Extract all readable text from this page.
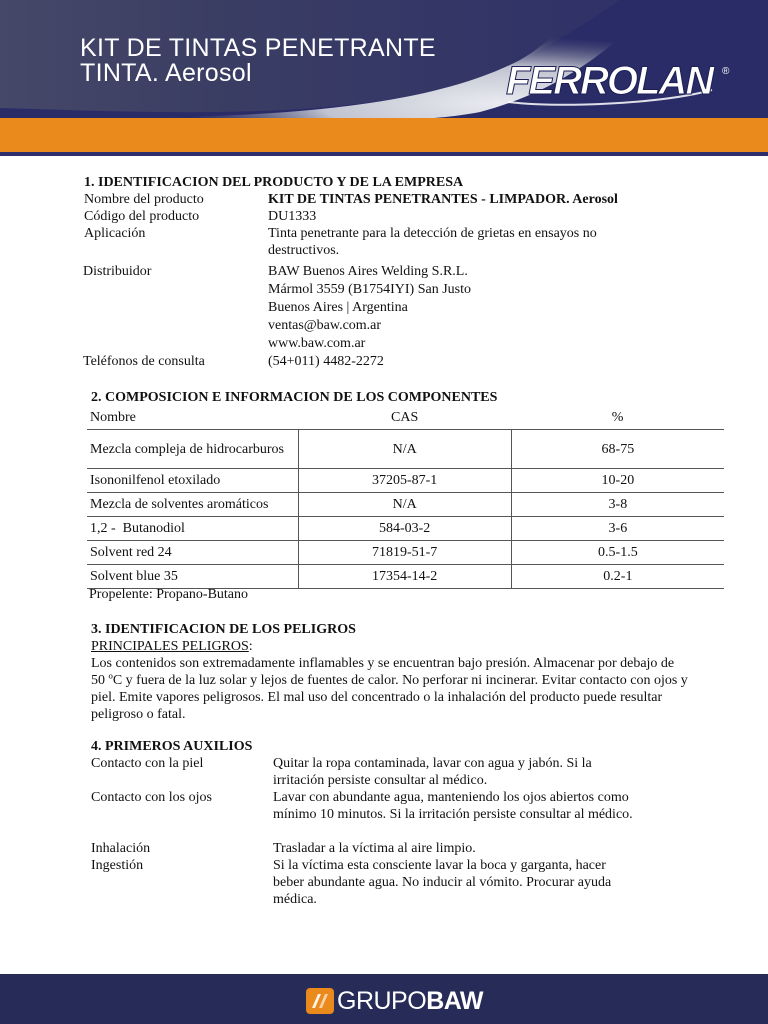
KIT DE TINTAS PENETRANTE
TINTA. Aerosol	FERROLAN ®
1. IDENTIFICACION DEL PRODUCTO Y DE LA EMPRESA
Nombre del producto	KIT DE TINTAS PENETRANTES - LIMPADOR. Aerosol
Código del producto	DU1333
Aplicación	Tinta penetrante para la detección de grietas en ensayos no destructivos.
Distribuidor	BAW Buenos Aires Welding S.R.L.
Mármol 3559 (B1754IYI) San Justo
Buenos Aires | Argentina
ventas@baw.com.ar
www.baw.com.ar
Teléfonos de consulta	(54+011) 4482-2272
2. COMPOSICION E INFORMACION DE LOS COMPONENTES
Nombre	CAS	%
Mezcla compleja de hidrocarburos	N/A	68-75
Isononilfenol etoxilado	37205-87-1	10-20
Mezcla de solventes aromáticos	N/A	3-8
1,2 -  Butanodiol	584-03-2	3-6
Solvent red 24	71819-51-7	0.5-1.5
Solvent blue 35	17354-14-2	0.2-1
Propelente: Propano-Butano
3. IDENTIFICACION DE LOS PELIGROS
PRINCIPALES PELIGROS:
Los contenidos son extremadamente inflamables y se encuentran bajo presión. Almacenar por debajo de 50 ºC y fuera de la luz solar y lejos de fuentes de calor. No perforar ni incinerar. Evitar contacto con ojos y piel. Emite vapores peligrosos. El mal uso del concentrado o la inhalación del producto puede resultar peligroso o fatal.
4. PRIMEROS AUXILIOS
Contacto con la piel	Quitar la ropa contaminada, lavar con agua y jabón. Si la irritación persiste consultar al médico.
Contacto con los ojos	Lavar con abundante agua, manteniendo los ojos abiertos como mínimo 10 minutos. Si la irritación persiste consultar al médico.
Inhalación	Trasladar a la víctima al aire limpio.
Ingestión	Si la víctima esta consciente lavar la boca y garganta, hacer beber abundante agua. No inducir al vómito. Procurar ayuda médica.
GRUPOBAW
